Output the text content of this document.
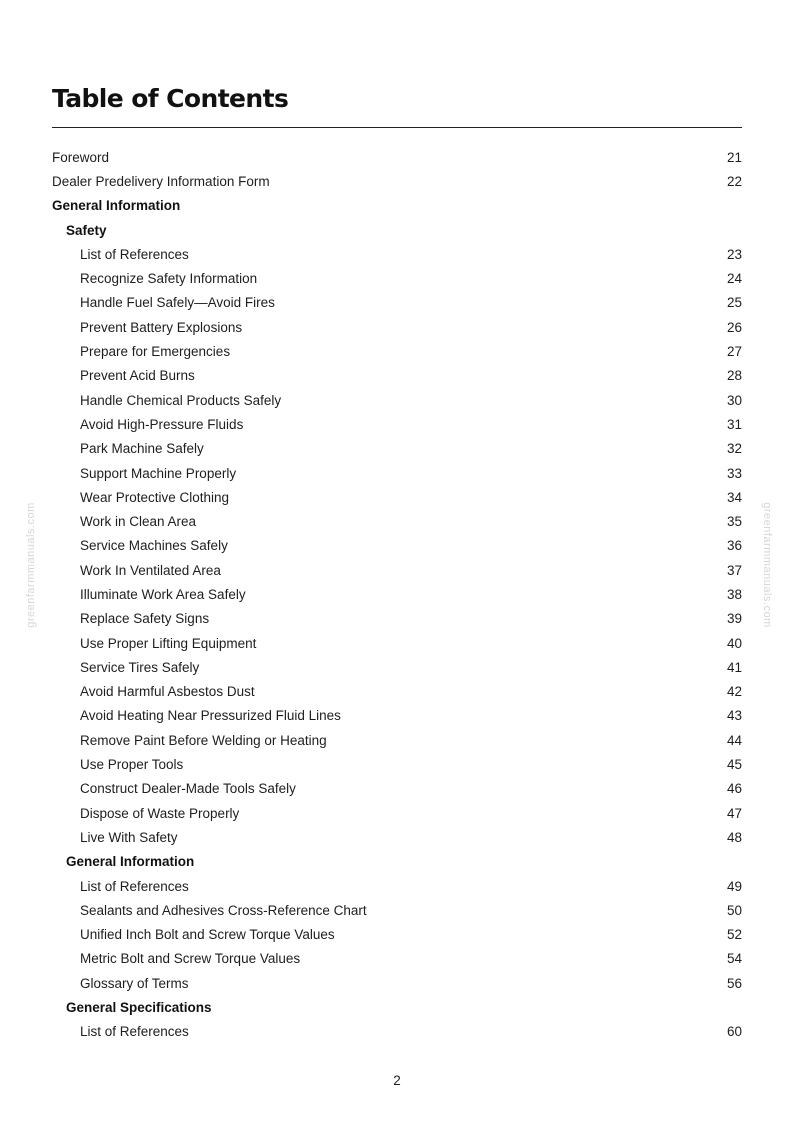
Table of Contents
Foreword	21
Dealer Predelivery Information Form	22
General Information
Safety
List of References	23
Recognize Safety Information	24
Handle Fuel Safely—Avoid Fires	25
Prevent Battery Explosions	26
Prepare for Emergencies	27
Prevent Acid Burns	28
Handle Chemical Products Safely	30
Avoid High-Pressure Fluids	31
Park Machine Safely	32
Support Machine Properly	33
Wear Protective Clothing	34
Work in Clean Area	35
Service Machines Safely	36
Work In Ventilated Area	37
Illuminate Work Area Safely	38
Replace Safety Signs	39
Use Proper Lifting Equipment	40
Service Tires Safely	41
Avoid Harmful Asbestos Dust	42
Avoid Heating Near Pressurized Fluid Lines	43
Remove Paint Before Welding or Heating	44
Use Proper Tools	45
Construct Dealer-Made Tools Safely	46
Dispose of Waste Properly	47
Live With Safety	48
General Information
List of References	49
Sealants and Adhesives Cross-Reference Chart	50
Unified Inch Bolt and Screw Torque Values	52
Metric Bolt and Screw Torque Values	54
Glossary of Terms	56
General Specifications
List of References	60
greenfarmmanuals.com	greenfarmmanuals.com
2
